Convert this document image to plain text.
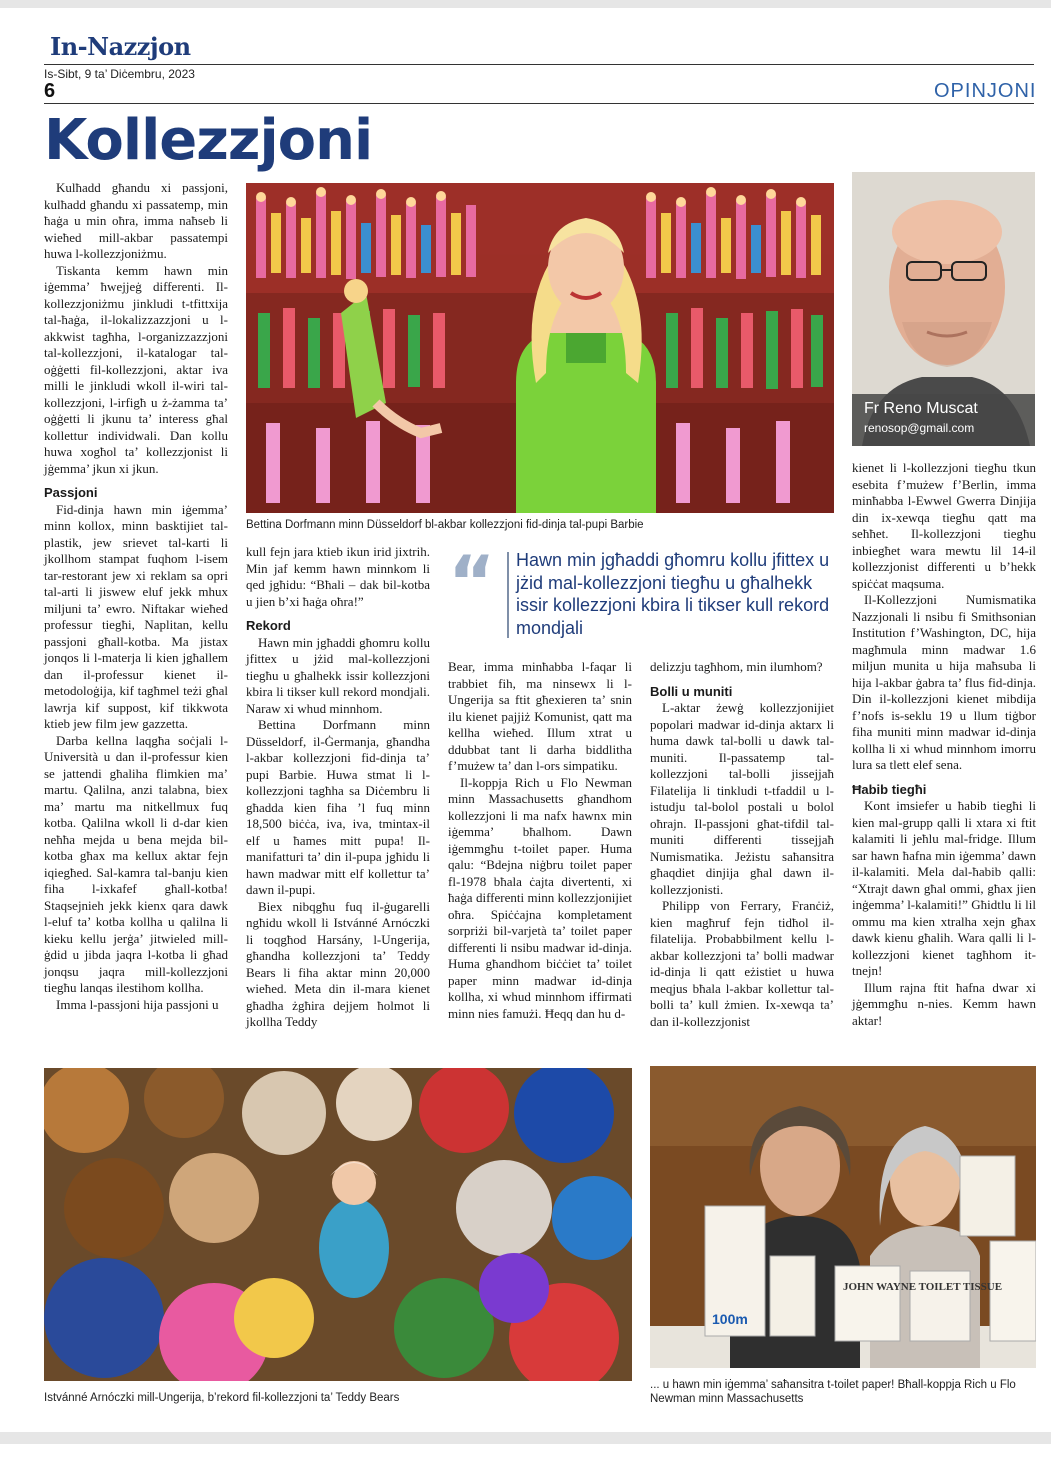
In-Nazzjon
Is-Sibt, 9 ta’ Diċembru, 2023
6	OPINJONI
Kollezzjoni
Bettina Dorfmann minn Düsseldorf bl-akbar kollezzjoni fid-dinja tal-pupi Barbie
Fr Reno Muscat
renosop@gmail.com

Kulħadd għandu xi passjoni, kulħadd għandu xi passatemp, min ħaġa u min oħra, imma naħseb li wieħed mill-akbar passatempi huwa l-kollezzjoniżmu.

Tiskanta kemm hawn min iġemma’ ħwejjeġ differenti. Il-kollezzjoniżmu jinkludi t-tfittxija tal-ħaġa, il-lokalizzazzjoni u l-akkwist tagħha, l-organizzazzjoni tal-kollezzjoni, il-katalogar tal-oġġetti fil-kollezzjoni, aktar iva milli le jinkludi wkoll il-wiri tal-kollezzjoni, l-irfigħ u ż-żamma ta’ oġġetti li jkunu ta’ interess għal kollettur individwali. Dan kollu huwa xogħol ta’ kollezzjonist li jġemma’ jkun xi jkun.

Passjoni

Fid-dinja hawn min iġemma’ minn kollox, minn basktijiet tal-plastik, jew srievet tal-karti li jkollhom stampat fuqhom l-isem tar-restorant jew xi reklam sa opri tal-arti li jiswew eluf jekk mhux miljuni ta’ ewro. Niftakar wieħed professur tiegħi, Naplitan, kellu passjoni għall-kotba. Ma jistax jonqos li l-materja li kien jgħallem dan il-professur kienet il-metodoloġija, kif tagħmel teżi għal lawrja kif suppost, kif tikkwota ktieb jew film jew gazzetta.

Darba kellna laqgħa soċjali l-Università u dan il-professur kien se jattendi għaliha flimkien ma’ martu. Qalilna, anzi talabna, biex ma’ martu ma nitkellmux fuq kotba. Qalilna wkoll li d-dar kien neħħa mejda u bena mejda bil-kotba għax ma kellux aktar fejn iqiegħed. Sal-kamra tal-banju kien fiha l-ixkafef għall-kotba! Staqsejnieh jekk kienx qara dawk l-eluf ta’ kotba kollha u qalilna li kieku kellu jerġa’ jitwieled mill-ġdid u jibda jaqra l-kotba li għad jonqsu jaqra mill-kollezzjoni tiegħu lanqas ilestihom kollha.

Imma l-passjoni hija passjoni u

kull fejn jara ktieb ikun irid jixtrih. Min jaf kemm hawn minnkom li qed jgħidu: “Bħali – dak bil-kotba u jien b’xi ħaġa oħra!”

Rekord

Hawn min jgħaddi għomru kollu jfittex u jżid mal-kollezzjoni tiegħu u għalhekk issir kollezzjoni kbira li tikser kull rekord mondjali. Naraw xi whud minnhom.

Bettina Dorfmann minn Düsseldorf, il-Ġermanja, għandha l-akbar kollezzjoni fid-dinja ta’ pupi Barbie. Huwa stmat li l-kollezzjoni tagħha sa Diċembru li għadda kien fiha ’l fuq minn 18,500 biċċa, iva, iva, tmintax-il elf u ħames mitt pupa! Il-manifatturi ta’ din il-pupa jgħidu li hawn madwar mitt elf kollettur ta’ dawn il-pupi.

Biex nibqgħu fuq il-ġugarelli ngħidu wkoll li Istvánné Arnóczki li toqgħod Harsány, l-Ungerija, għandha kollezzjoni ta’ Teddy Bears li fiha aktar minn 20,000 wieħed. Meta din il-mara kienet għadha żgħira dejjem ħolmot li jkollha Teddy

“ Hawn min jgħaddi għomru kollu jfittex u jżid mal-kollezzjoni tiegħu u għalhekk issir kollezzjoni kbira li tikser kull rekord mondjali

Bear, imma minħabba l-faqar li trabbiet fih, ma ninsewx li l-Ungerija sa ftit għexieren ta’ snin ilu kienet pajjiż Komunist, qatt ma kellha wieħed. Illum xtrat u ddubbat tant li darha biddlitha f’mużew ta’ dan l-ors simpatiku.

Il-koppja Rich u Flo Newman minn Massachusetts għandhom kollezzjoni li ma nafx hawnx min iġemma’ bħalhom. Dawn iġemmgħu t-toilet paper. Huma qalu: “Bdejna niġbru toilet paper fl-1978 bħala ċajta divertenti, xi ħaġa differenti minn kollezzjonijiet oħra. Spiċċajna kompletament sorpriżi bil-varjetà ta’ toilet paper differenti li nsibu madwar id-dinja. Huma għandhom biċċiet ta’ toilet paper minn madwar id-dinja kollha, xi whud minnhom iffirmati minn nies famużi. Ħeqq dan hu d-

delizzju tagħhom, min ilumhom?

Bolli u muniti

L-aktar żewġ kollezzjonijiet popolari madwar id-dinja aktarx li huma dawk tal-bolli u dawk tal-muniti. Il-passatemp tal-kollezzjoni tal-bolli jissejjaħ Filatelija li tinkludi t-tfaddil u l-istudju tal-bolol postali u bolol oħrajn. Il-passjoni għat-tifdil tal-muniti differenti tissejjaħ Numismatika. Jeżistu saħansitra għaqdiet dinjija għal dawn il-kollezzjonisti.

Philipp von Ferrary, Franċiż, kien magħruf fejn tidħol il-filatelija. Probabbilment kellu l-akbar kollezzjoni ta’ bolli madwar id-dinja li qatt eżistiet u huwa meqjus bħala l-akbar kollettur tal-bolli ta’ kull żmien. Ix-xewqa ta’ dan il-kollezzjonist

kienet li l-kollezzjoni tiegħu tkun esebita f’mużew f’Berlin, imma minħabba l-Ewwel Gwerra Dinjija din ix-xewqa tiegħu qatt ma seħħet. Il-kollezzjoni tiegħu inbiegħet wara mewtu lil 14-il kollezzjonist differenti u b’hekk spiċċat maqsuma.

Il-Kollezzjoni Numismatika Nazzjonali li nsibu fi Smithsonian Institution f’Washington, DC, hija magħmula minn madwar 1.6 miljun munita u hija maħsuba li hija l-akbar ġabra ta’ flus fid-dinja. Din il-kollezzjoni kienet mibdija f’nofs is-seklu 19 u llum tiġbor fiha muniti minn madwar id-dinja kollha li xi whud minnhom imorru lura sa tlett elef sena.

Ħabib tiegħi

Kont imsiefer u ħabib tiegħi li kien mal-grupp qalli li xtara xi ftit kalamiti li jeħlu mal-fridge. Illum sar hawn ħafna min iġemma’ dawn il-kalamiti. Mela dal-ħabib qalli: “Xtrajt dawn għal ommi, għax jien inġemma’ l-kalamiti!” Għidtlu li lil ommu ma kien xtralha xejn għax dawk kienu għalih. Wara qalli li l-kollezzjoni kienet tagħhom it-tnejn!

Illum rajna ftit ħafna dwar xi jġemmgħu n-nies. Kemm hawn aktar!

Istvánné Arnóczki mill-Ungerija, b’rekord fil-kollezzjoni ta’ Teddy Bears
JOHN WAYNE TOILET TISSUE
100m
... u hawn min iġemma’ saħansitra t-toilet paper! Bħall-koppja Rich u Flo Newman minn Massachusetts
